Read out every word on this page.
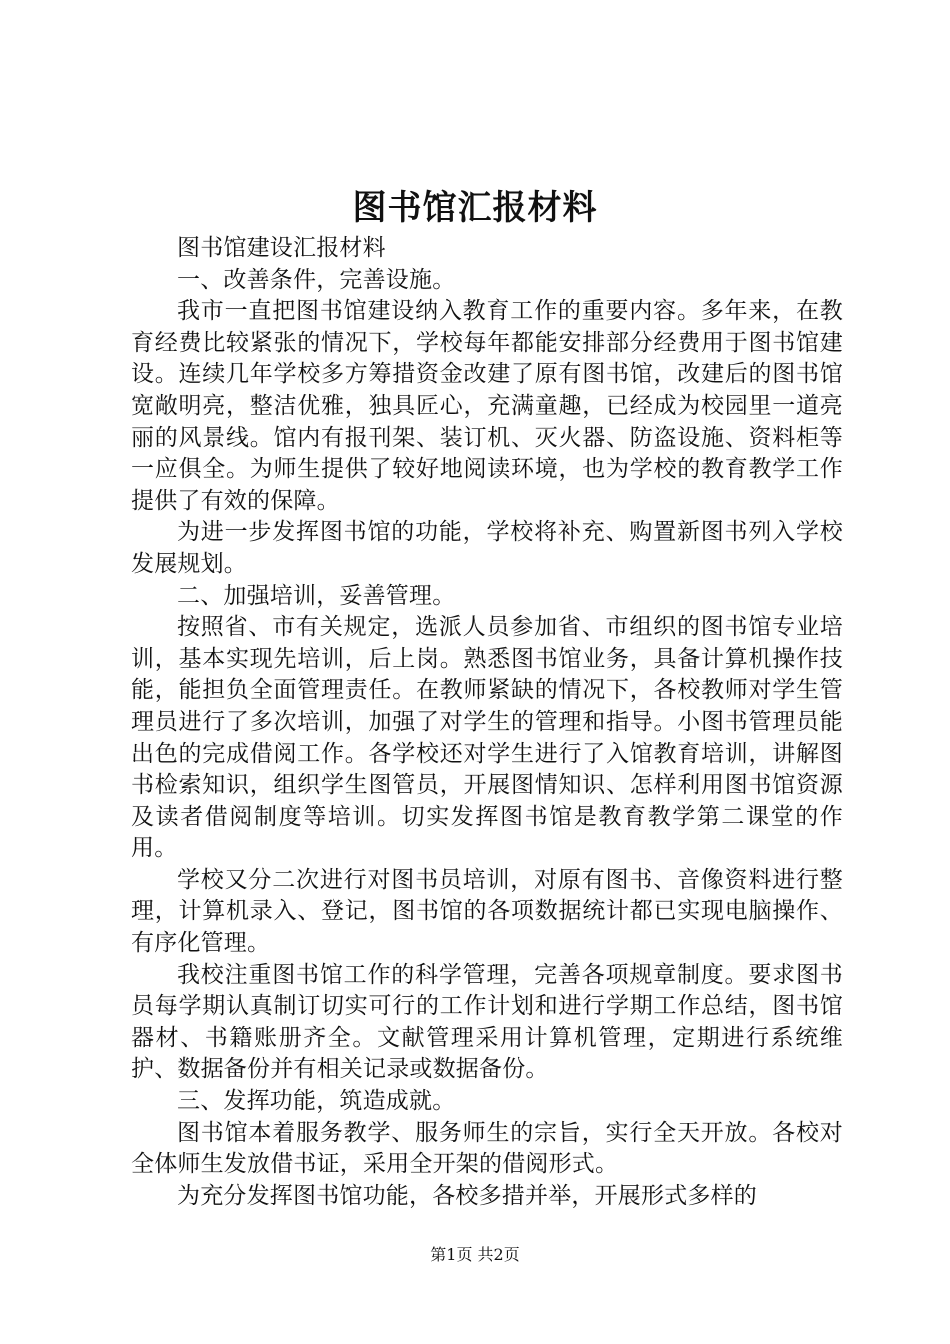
图书馆汇报材料

图书馆建设汇报材料

一、改善条件，完善设施。

我市一直把图书馆建设纳入教育工作的重要内容。多年来，在教育经费比较紧张的情况下，学校每年都能安排部分经费用于图书馆建设。连续几年学校多方筹措资金改建了原有图书馆，改建后的图书馆宽敞明亮，整洁优雅，独具匠心，充满童趣，已经成为校园里一道亮丽的风景线。馆内有报刊架、装订机、灭火器、防盗设施、资料柜等一应俱全。为师生提供了较好地阅读环境，也为学校的教育教学工作提供了有效的保障。

为进一步发挥图书馆的功能，学校将补充、购置新图书列入学校发展规划。

二、加强培训，妥善管理。

按照省、市有关规定，选派人员参加省、市组织的图书馆专业培训，基本实现先培训，后上岗。熟悉图书馆业务，具备计算机操作技能，能担负全面管理责任。在教师紧缺的情况下，各校教师对学生管理员进行了多次培训，加强了对学生的管理和指导。小图书管理员能出色的完成借阅工作。各学校还对学生进行了入馆教育培训，讲解图书检索知识，组织学生图管员，开展图情知识、怎样利用图书馆资源及读者借阅制度等培训。切实发挥图书馆是教育教学第二课堂的作用。

学校又分二次进行对图书员培训，对原有图书、音像资料进行整理，计算机录入、登记，图书馆的各项数据统计都已实现电脑操作、有序化管理。

我校注重图书馆工作的科学管理，完善各项规章制度。要求图书员每学期认真制订切实可行的工作计划和进行学期工作总结，图书馆器材、书籍账册齐全。文献管理采用计算机管理，定期进行系统维护、数据备份并有相关记录或数据备份。

三、发挥功能，筑造成就。

图书馆本着服务教学、服务师生的宗旨，实行全天开放。各校对全体师生发放借书证，采用全开架的借阅形式。

为充分发挥图书馆功能，各校多措并举，开展形式多样的

第1页 共2页
